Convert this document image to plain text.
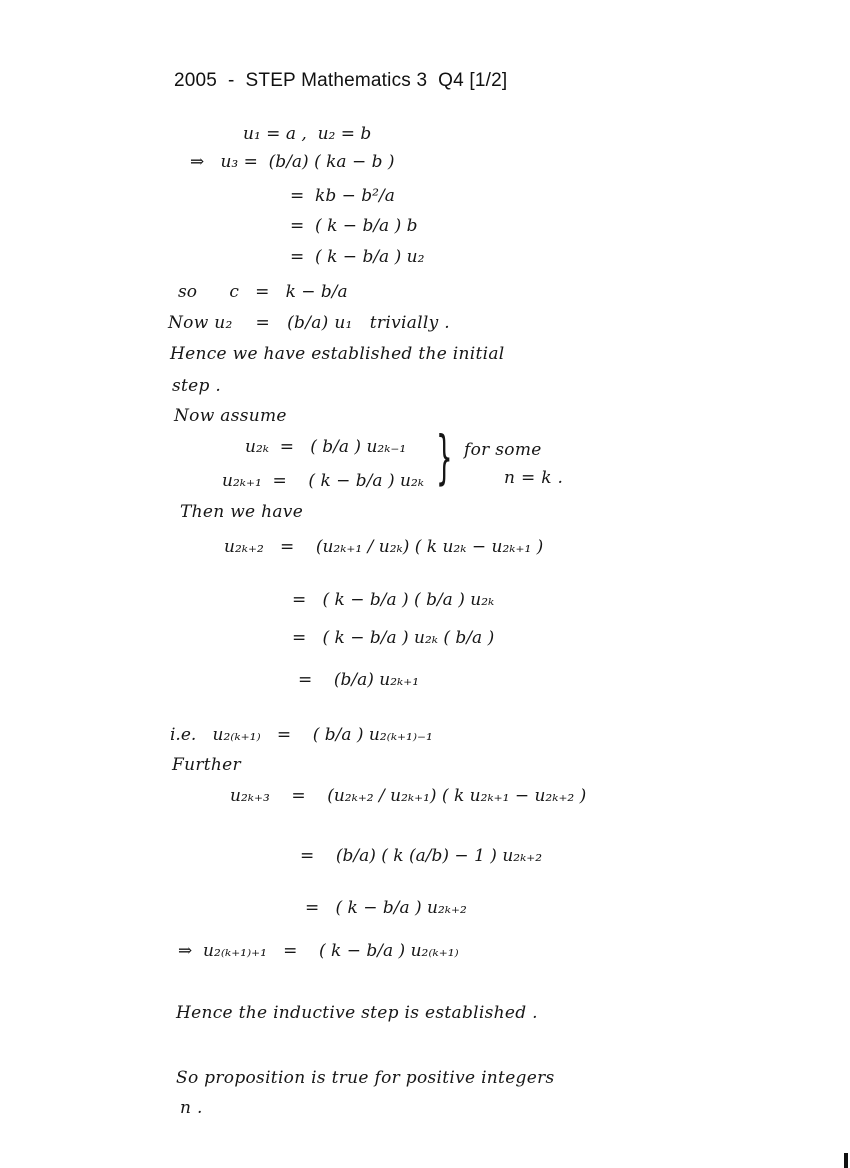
2005  -  STEP Mathematics 3  Q4 [1/2]
u₁ = a ,  u₂ = b
⇒   u₃ =  (b/a) ( ka − b )
=  kb − b²/a
=  ( k − b/a ) b
=  ( k − b/a ) u₂
so      c   =   k − b/a
Now u₂    =   (b/a) u₁   trivially .
Hence we have established the initial
step .
Now assume
u₂ₖ  =   ( b/a ) u₂ₖ₋₁
u₂ₖ₊₁  =    ( k − b/a ) u₂ₖ } for some
n = k .
Then we have
u₂ₖ₊₂   =    (u₂ₖ₊₁ / u₂ₖ) ( k u₂ₖ − u₂ₖ₊₁ )
=   ( k − b/a ) ( b/a ) u₂ₖ
=   ( k − b/a ) u₂ₖ ( b/a )
=    (b/a) u₂ₖ₊₁
i.e.   u₂₍ₖ₊₁₎   =    ( b/a ) u₂₍ₖ₊₁₎₋₁
Further
u₂ₖ₊₃    =    (u₂ₖ₊₂ / u₂ₖ₊₁) ( k u₂ₖ₊₁ − u₂ₖ₊₂ )
=    (b/a) ( k (a/b) − 1 ) u₂ₖ₊₂
=   ( k − b/a ) u₂ₖ₊₂
⇒  u₂₍ₖ₊₁₎₊₁   =    ( k − b/a ) u₂₍ₖ₊₁₎
Hence the inductive step is established .
So proposition is true for positive integers
n .
